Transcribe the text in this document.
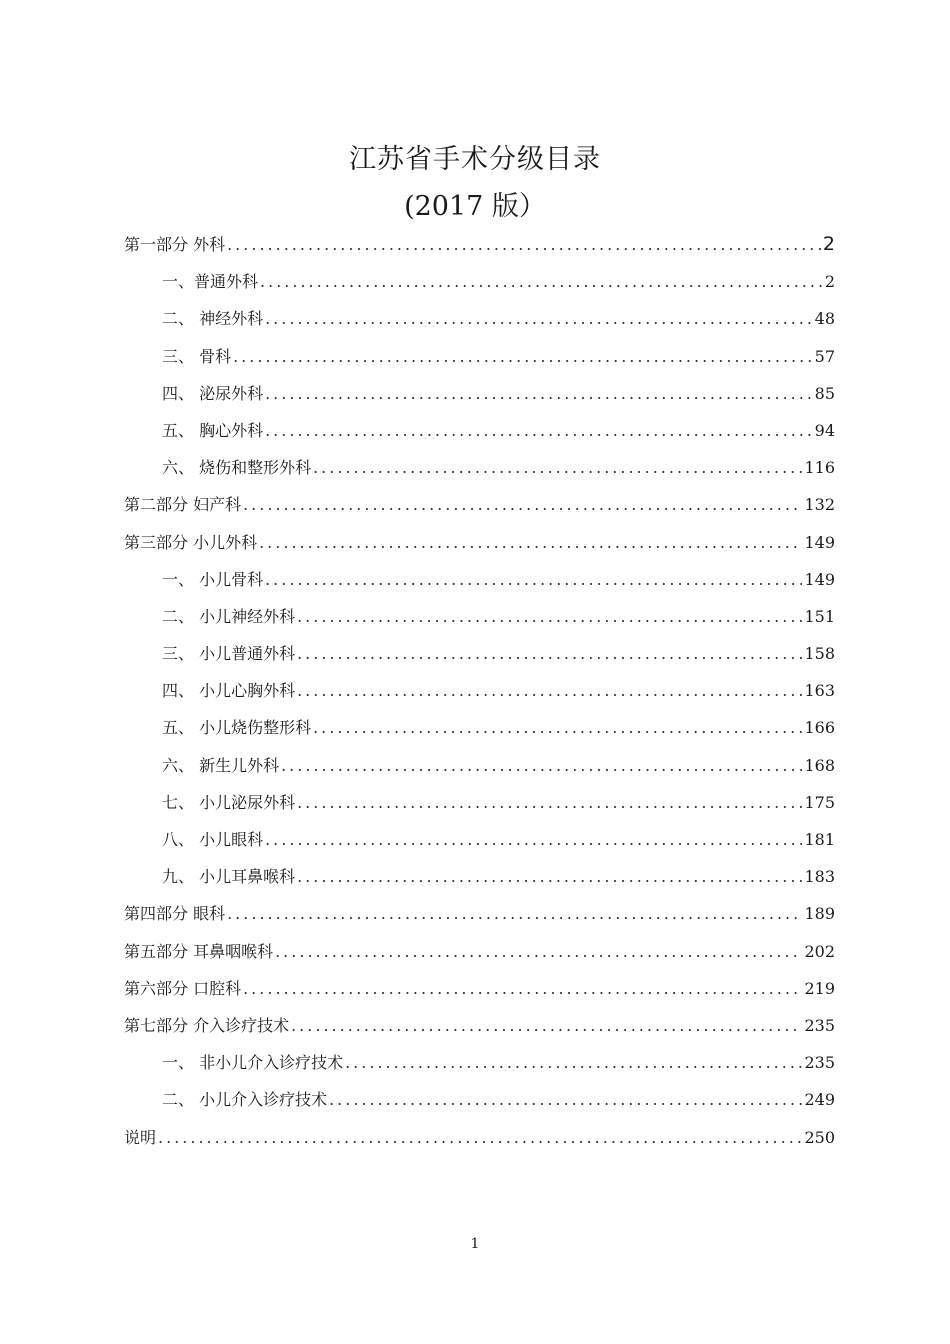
江苏省手术分级目录
(2017 版）
第一部分 外科 .....	2
一、普通外科 .....	2
二、 神经外科 .....	48
三、 骨科 .....	57
四、 泌尿外科 .....	85
五、 胸心外科 .....	94
六、 烧伤和整形外科 .....	116
第二部分 妇产科 .....	132
第三部分 小儿外科 .....	149
一、 小儿骨科 .....	149
二、 小儿神经外科 .....	151
三、 小儿普通外科 .....	158
四、 小儿心胸外科 .....	163
五、 小儿烧伤整形科 .....	166
六、 新生儿外科 .....	168
七、 小儿泌尿外科 .....	175
八、 小儿眼科 .....	181
九、 小儿耳鼻喉科 .....	183
第四部分 眼科 .....	189
第五部分 耳鼻咽喉科 .....	202
第六部分 口腔科 .....	219
第七部分 介入诊疗技术 .....	235
一、 非小儿介入诊疗技术 .....	235
二、 小儿介入诊疗技术 .....	249
说明 .....	250
1
